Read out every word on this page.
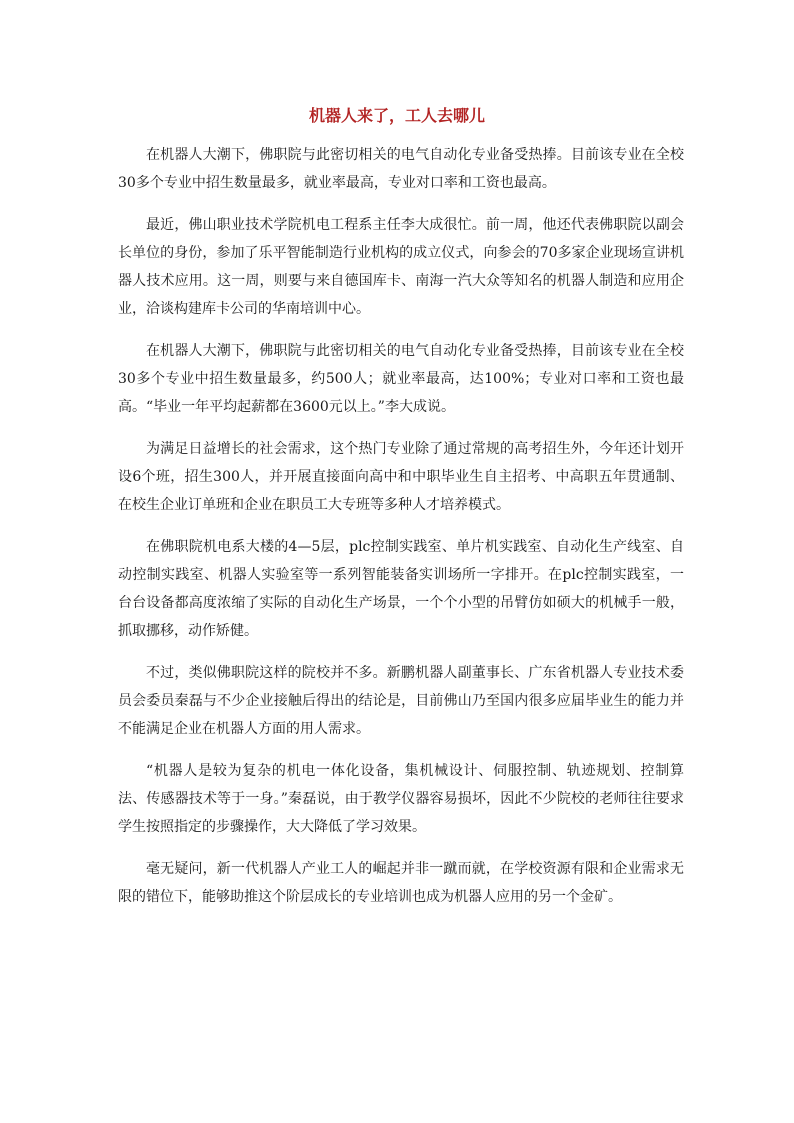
机器人来了，工人去哪儿

在机器人大潮下，佛职院与此密切相关的电气自动化专业备受热捧。目前该专业在全校30多个专业中招生数量最多，就业率最高，专业对口率和工资也最高。

最近，佛山职业技术学院机电工程系主任李大成很忙。前一周，他还代表佛职院以副会长单位的身份，参加了乐平智能制造行业机构的成立仪式，向参会的70多家企业现场宣讲机器人技术应用。这一周，则要与来自德国库卡、南海一汽大众等知名的机器人制造和应用企业，洽谈构建库卡公司的华南培训中心。

在机器人大潮下，佛职院与此密切相关的电气自动化专业备受热捧，目前该专业在全校30多个专业中招生数量最多，约500人；就业率最高，达100%；专业对口率和工资也最高。“毕业一年平均起薪都在3600元以上。”李大成说。

为满足日益增长的社会需求，这个热门专业除了通过常规的高考招生外，今年还计划开设6个班，招生300人，并开展直接面向高中和中职毕业生自主招考、中高职五年贯通制、在校生企业订单班和企业在职员工大专班等多种人才培养模式。

在佛职院机电系大楼的4—5层，plc控制实践室、单片机实践室、自动化生产线室、自动控制实践室、机器人实验室等一系列智能装备实训场所一字排开。在plc控制实践室，一台台设备都高度浓缩了实际的自动化生产场景，一个个小型的吊臂仿如硕大的机械手一般，抓取挪移，动作矫健。

不过，类似佛职院这样的院校并不多。新鹏机器人副董事长、广东省机器人专业技术委员会委员秦磊与不少企业接触后得出的结论是，目前佛山乃至国内很多应届毕业生的能力并不能满足企业在机器人方面的用人需求。

“机器人是较为复杂的机电一体化设备，集机械设计、伺服控制、轨迹规划、控制算法、传感器技术等于一身。”秦磊说，由于教学仪器容易损坏，因此不少院校的老师往往要求学生按照指定的步骤操作，大大降低了学习效果。

毫无疑问，新一代机器人产业工人的崛起并非一蹴而就，在学校资源有限和企业需求无限的错位下，能够助推这个阶层成长的专业培训也成为机器人应用的另一个金矿。
